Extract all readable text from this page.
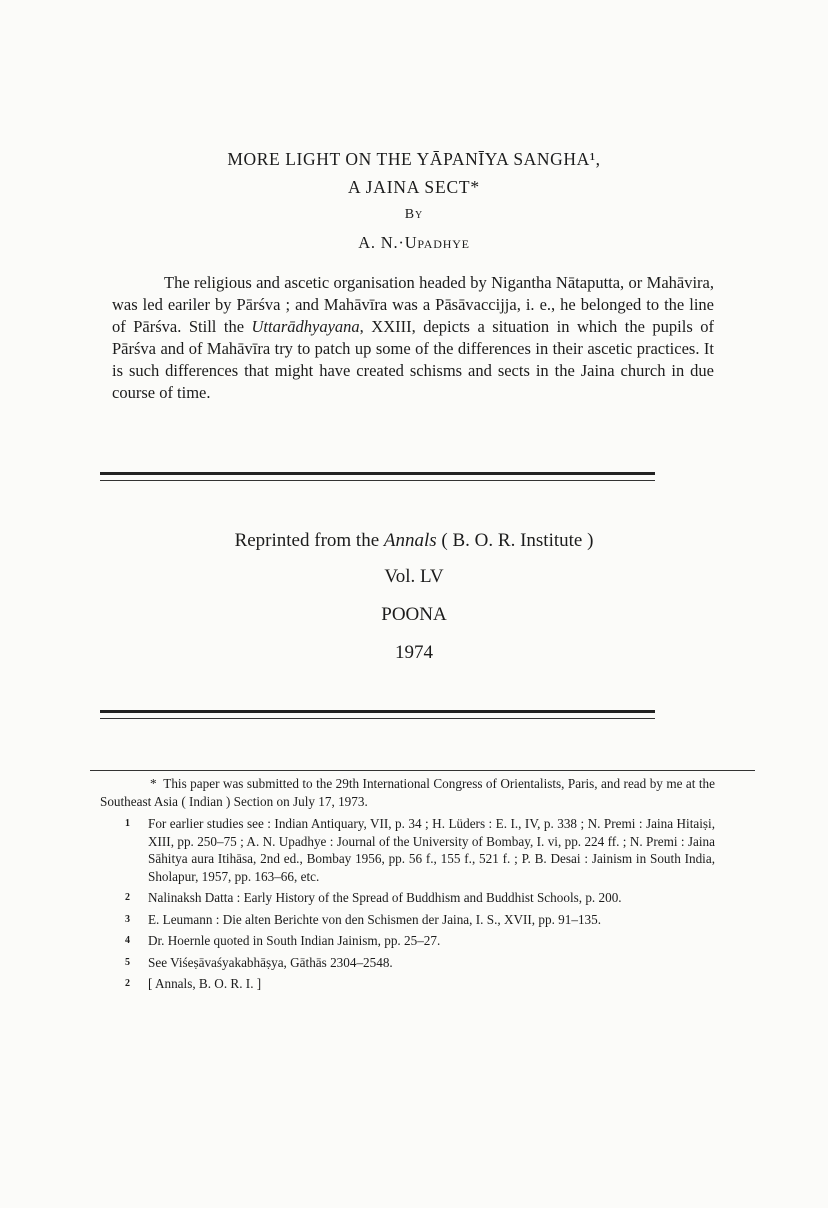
MORE LIGHT ON THE YĀPANĪYA SANGHA¹,
A JAINA SECT*
By
A. N.·Upadhye

The religious and ascetic organisation headed by Nigantha Nātaputta, or Mahāvira, was led eariler by Pārśva ; and Mahāvīra was a Pāsāvaccijja, i. e., he belonged to the line of Pārśva. Still the Uttarādhyayana, XXIII, depicts a situation in which the pupils of Pārśva and of Mahāvīra try to patch up some of the differences in their ascetic practices. It is such differences that might have created schisms and sects in the Jaina church in due course of time.

Reprinted from the Annals ( B. O. R. Institute )
Vol. LV
POONA
1974

* This paper was submitted to the 29th International Congress of Orientalists, Paris, and read by me at the Southeast Asia ( Indian ) Section on July 17, 1973.

1 For earlier studies see : Indian Antiquary, VII, p. 34 ; H. Lüders : E. I., IV, p. 338 ; N. Premi : Jaina Hitaiṣi, XIII, pp. 250–75 ; A. N. Upadhye : Journal of the University of Bombay, I. vi, pp. 224 ff. ; N. Premi : Jaina Sāhitya aura Itihāsa, 2nd ed., Bombay 1956, pp. 56 f., 155 f., 521 f. ; P. B. Desai : Jainism in South India, Sholapur, 1957, pp. 163–66, etc.

2 Nalinaksh Datta : Early History of the Spread of Buddhism and Buddhist Schools, p. 200.

3 E. Leumann : Die alten Berichte von den Schismen der Jaina, I. S., XVII, pp. 91–135.

4 Dr. Hoernle quoted in South Indian Jainism, pp. 25–27.

5 See Viśeṣāvaśyakabhāṣya, Gāthās 2304–2548.

2 [ Annals, B. O. R. I. ]
